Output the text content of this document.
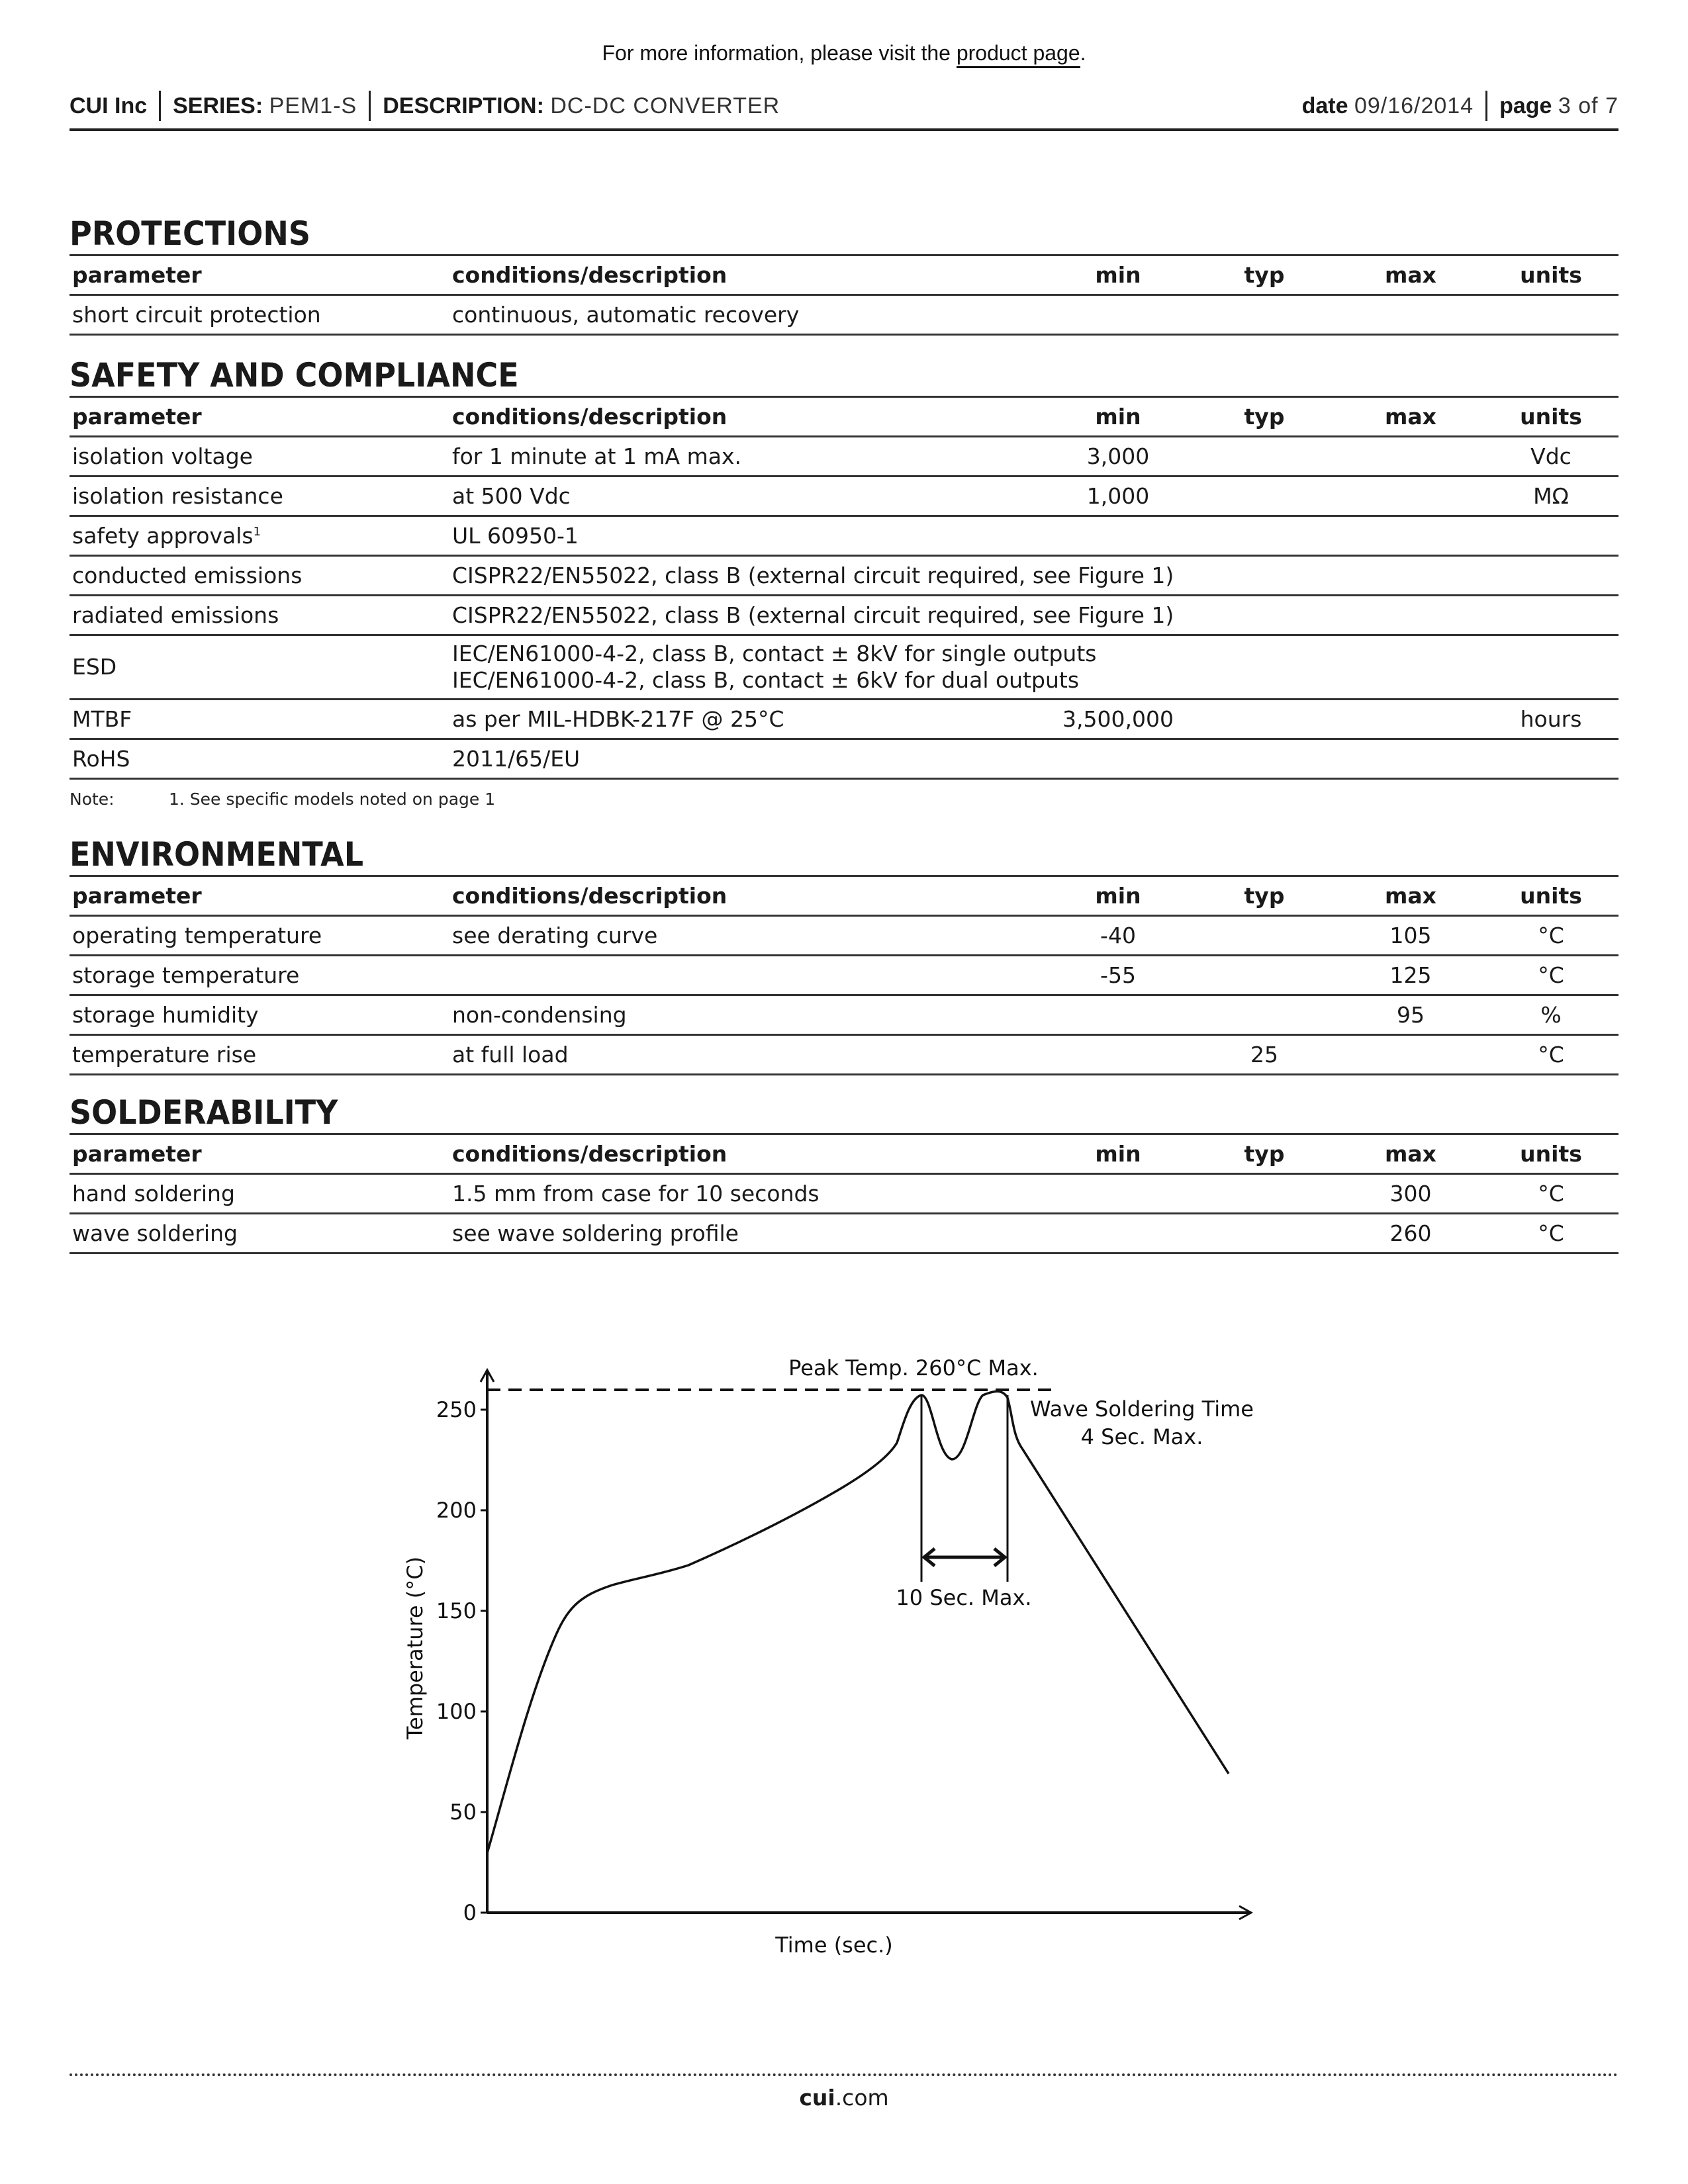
For more information, please visit the product page.
CUI Inc SERIES:
PEM1-S DESCRIPTION:
DC-DC CONVERTER	date
09/16/2014 page
3 of 7
PROTECTIONS
parameter	conditions/description	min	typ	max	units
short circuit protection	continuous, automatic recovery				
SAFETY AND COMPLIANCE
parameter	conditions/description	min	typ	max	units
isolation voltage	for 1 minute at 1 mA max.	3,000			Vdc
isolation resistance	at 500 Vdc	1,000			MΩ
safety approvals$^1$	UL 60950-1				
conducted emissions	CISPR22/EN55022, class B (external circuit required, see Figure 1)				
radiated emissions	CISPR22/EN55022, class B (external circuit required, see Figure 1)				
ESD	IEC/EN61000-4-2, class B, contact ± 8kV for single outputs
IEC/EN61000-4-2, class B, contact ± 6kV for dual outputs				

MTBF	as per MIL-HDBK-217F @ 25°C	3,500,000			hours
RoHS	2011/65/EU				
Note:	1. See specific models noted on page 1
ENVIRONMENTAL
parameter	conditions/description	min	typ	max	units
operating temperature	see derating curve	-40		105	°C
storage temperature		-55		125	°C
storage humidity	non-condensing			95	%
temperature rise	at full load		25		°C
SOLDERABILITY
parameter	conditions/description	min	typ	max	units
hand soldering	1.5 mm from case for 10 seconds			300	°C
wave soldering	see wave soldering profile			260	°C
0
50
100
150
200
250
Temperature (°C)
Time (sec.)
Peak Temp. 260°C Max.
Wave Soldering Time
4 Sec. Max.
10 Sec. Max.
cui.com
